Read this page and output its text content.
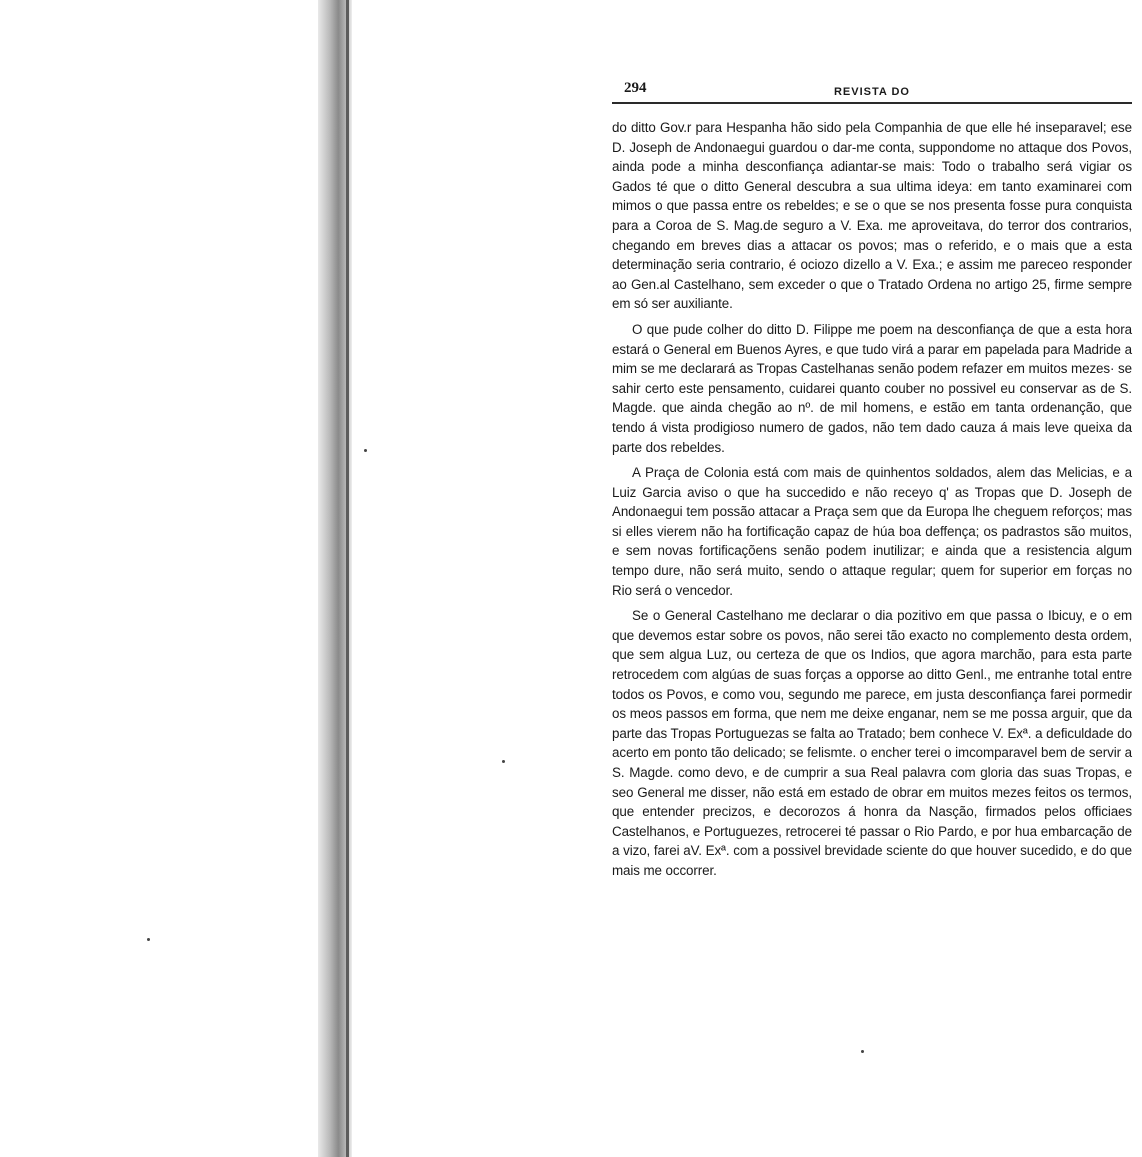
294	REVISTA DO

do ditto Gov.r para Hespanha hão sido pela Companhia de que elle hé inseparavel; ese D. Joseph de Andonaegui guardou o dar-me conta, suppondome no attaque dos Povos, ainda pode a minha desconfiança adiantar-se mais: Todo o trabalho será vigiar os Gados té que o ditto General descubra a sua ultima ideya: em tanto examinarei com mimos o que passa entre os rebeldes; e se o que se nos presenta fosse pura conquista para a Coroa de S. Mag.de seguro a V. Exa. me aproveitava, do terror dos contrarios, chegando em breves dias a attacar os povos; mas o referido, e o mais que a esta determinação seria contrario, é ociozo dizello a V. Exa.; e assim me pareceo responder ao Gen.al Castelhano, sem exceder o que o Tratado Ordena no artigo 25, firme sempre em só ser auxiliante.

O que pude colher do ditto D. Filippe me poem na desconfiança de que a esta hora estará o General em Buenos Ayres, e que tudo virá a parar em papelada para Madride a mim se me declarará as Tropas Castelhanas senão podem refazer em muitos mezes· se sahir certo este pensamento, cuidarei quanto couber no possivel eu conservar as de S. Magde. que ainda chegão ao nº. de mil homens, e estão em tanta ordenanção, que tendo á vista prodigioso numero de gados, não tem dado cauza á mais leve queixa da parte dos rebeldes.

A Praça de Colonia está com mais de quinhentos soldados, alem das Melicias, e a Luiz Garcia aviso o que ha succedido e não receyo q' as Tropas que D. Joseph de Andonaegui tem possão attacar a Praça sem que da Europa lhe cheguem reforços; mas si elles vierem não ha fortificação capaz de húa boa deffença; os padrastos são muitos, e sem novas fortificaçõens senão podem inutilizar; e ainda que a resistencia algum tempo dure, não será muito, sendo o attaque regular; quem for superior em forças no Rio será o vencedor.

Se o General Castelhano me declarar o dia pozitivo em que passa o Ibicuy, e o em que devemos estar sobre os povos, não serei tão exacto no complemento desta ordem, que sem algua Luz, ou certeza de que os Indios, que agora marchão, para esta parte retrocedem com algúas de suas forças a opporse ao ditto Genl., me entranhe total entre todos os Povos, e como vou, segundo me parece, em justa desconfiança farei pormedir os meos passos em forma, que nem me deixe enganar, nem se me possa arguir, que da parte das Tropas Portuguezas se falta ao Tratado; bem conhece V. Exª. a deficuldade do acerto em ponto tão delicado; se felismte. o encher terei o imcomparavel bem de servir a S. Magde. como devo, e de cumprir a sua Real palavra com gloria das suas Tropas, e seo General me disser, não está em estado de obrar em muitos mezes feitos os termos, que entender precizos, e decorozos á honra da Nasção, firmados pelos officiaes Castelhanos, e Portuguezes, retrocerei té passar o Rio Pardo, e por hua embarcação de a vizo, farei aV. Exª. com a possivel brevidade sciente do que houver sucedido, e do que mais me occorrer.
